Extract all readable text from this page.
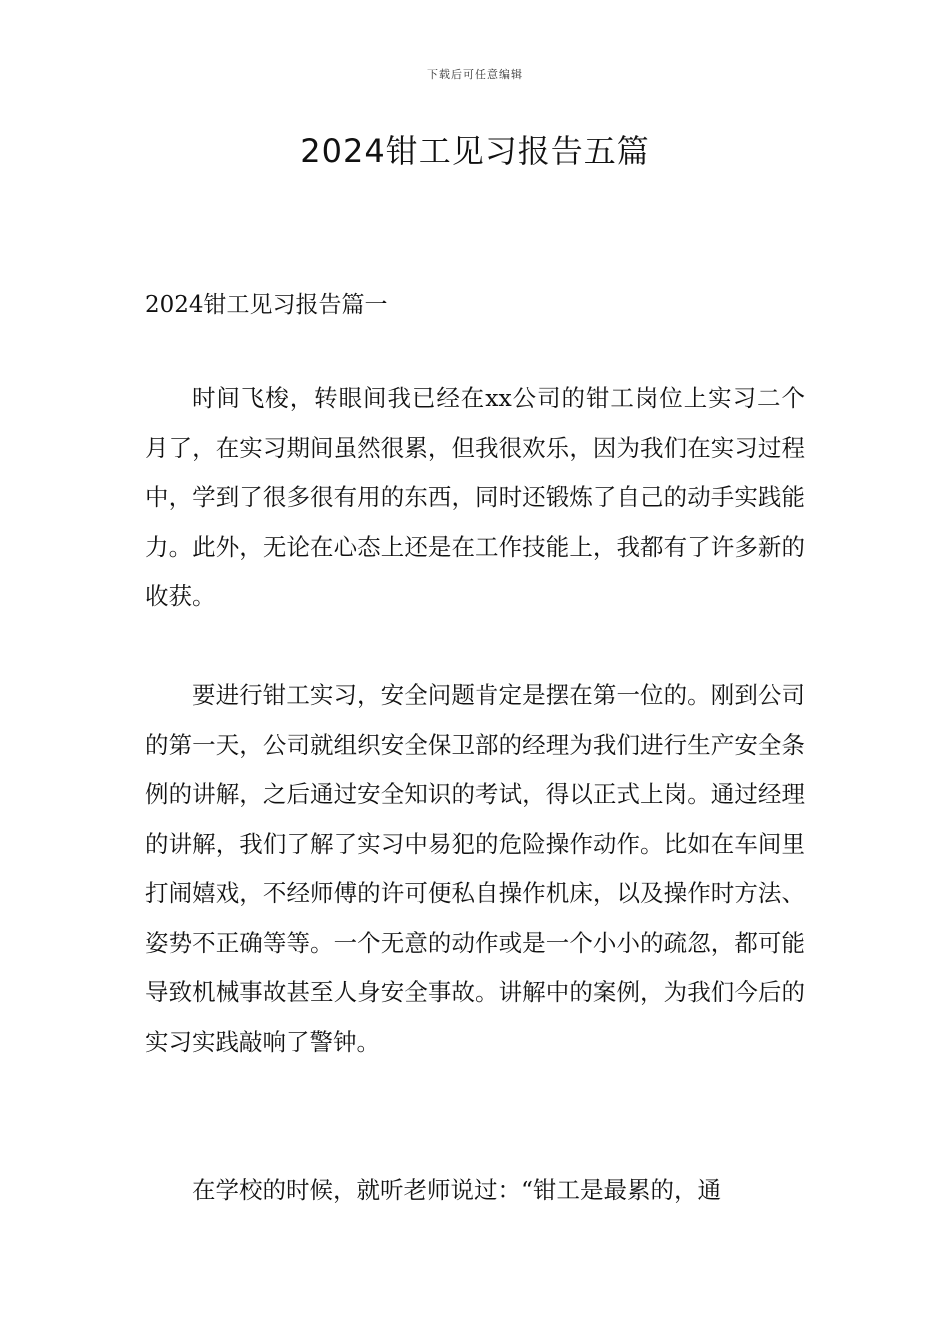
下载后可任意编辑
2024钳工见习报告五篇
2024钳工见习报告篇一

时间飞梭，转眼间我已经在xx公司的钳工岗位上实习二个月了，在实习期间虽然很累，但我很欢乐，因为我们在实习过程中，学到了很多很有用的东西，同时还锻炼了自己的动手实践能力。此外，无论在心态上还是在工作技能上，我都有了许多新的收获。

要进行钳工实习，安全问题肯定是摆在第一位的。刚到公司的第一天，公司就组织安全保卫部的经理为我们进行生产安全条例的讲解，之后通过安全知识的考试，得以正式上岗。通过经理的讲解，我们了解了实习中易犯的危险操作动作。比如在车间里打闹嬉戏，不经师傅的许可便私自操作机床，以及操作时方法、姿势不正确等等。一个无意的动作或是一个小小的疏忽，都可能导致机械事故甚至人身安全事故。讲解中的案例，为我们今后的实习实践敲响了警钟。

在学校的时候，就听老师说过：“钳工是最累的，通
